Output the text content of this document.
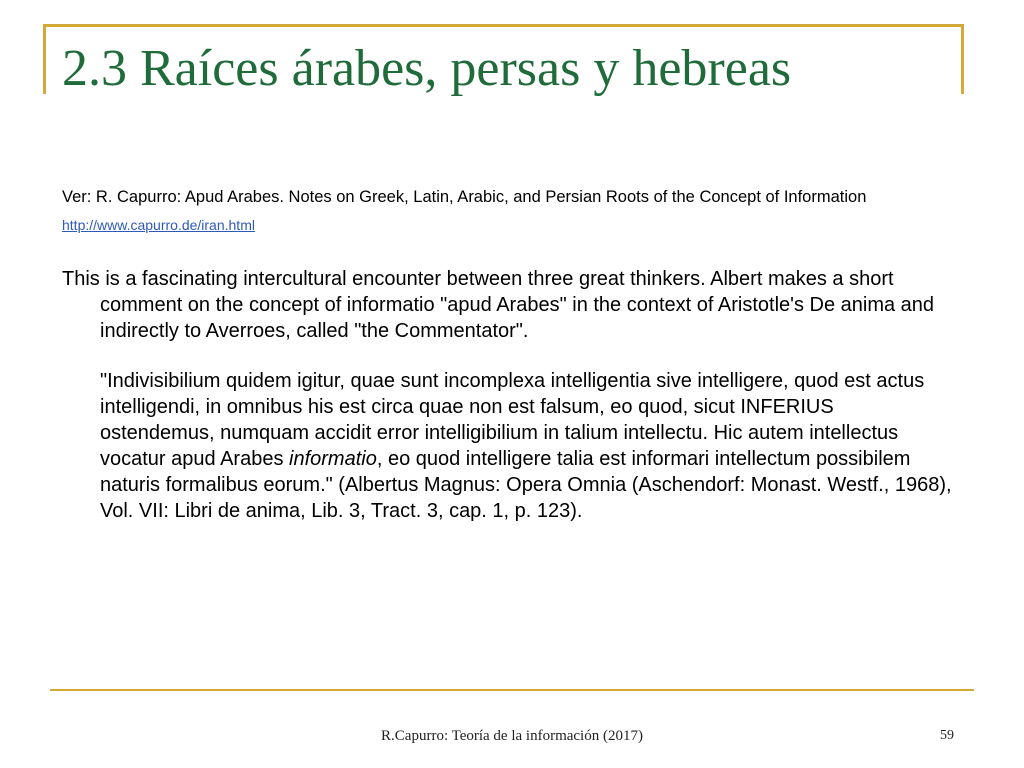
2.3 Raíces árabes, persas y hebreas

Ver: R. Capurro: Apud Arabes. Notes on Greek, Latin, Arabic, and Persian Roots of the Concept of Information

http://www.capurro.de/iran.html

This is a fascinating intercultural encounter between three great thinkers. Albert makes a short comment on the concept of informatio "apud Arabes" in the context of Aristotle's De anima and indirectly to Averroes, called "the Commentator".

"Indivisibilium quidem igitur, quae sunt incomplexa intelligentia sive intelligere, quod est actus intelligendi, in omnibus his est circa quae non est falsum, eo quod, sicut INFERIUS ostendemus, numquam accidit error intelligibilium in talium intellectu. Hic autem intellectus vocatur apud Arabes informatio, eo quod intelligere talia est informari intellectum possibilem naturis formalibus eorum." (Albertus Magnus: Opera Omnia (Aschendorf: Monast. Westf., 1968), Vol. VII: Libri de anima, Lib. 3, Tract. 3, cap. 1, p. 123).

R.Capurro: Teoría de la información (2017)	59
